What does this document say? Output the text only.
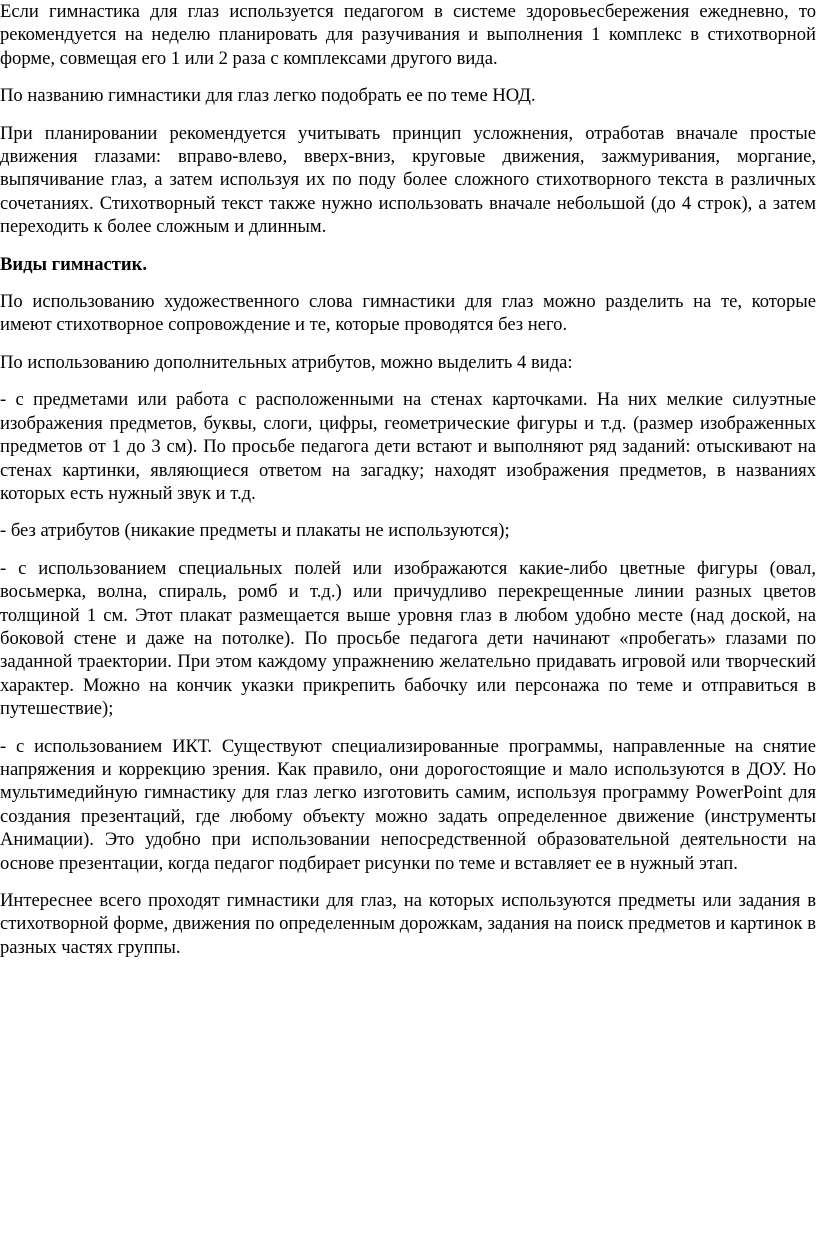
Если гимнастика для глаз используется педагогом в системе здоровьесбережения ежедневно, то рекомендуется на неделю планировать для разучивания и выполнения 1 комплекс в стихотворной форме, совмещая его 1 или 2 раза с комплексами другого вида.

По названию гимнастики для глаз легко подобрать ее по теме НОД.

При планировании рекомендуется учитывать принцип усложнения, отработав вначале простые движения глазами: вправо-влево, вверх-вниз, круговые движения, зажмуривания, моргание, выпячивание глаз, а затем используя их по поду более сложного стихотворного текста в различных сочетаниях. Стихотворный текст также нужно использовать вначале небольшой (до 4 строк), а затем переходить к более сложным и длинным.

Виды гимнастик.

По использованию художественного слова гимнастики для глаз можно разделить на те, которые имеют стихотворное сопровождение и те, которые проводятся без него.

По использованию дополнительных атрибутов, можно выделить 4 вида:

- с предметами или работа с расположенными на стенах карточками. На них мелкие силуэтные изображения предметов, буквы, слоги, цифры, геометрические фигуры и т.д. (размер изображенных предметов от 1 до 3 см). По просьбе педагога дети встают и выполняют ряд заданий: отыскивают на стенах картинки, являющиеся ответом на загадку; находят изображения предметов, в названиях которых есть нужный звук и т.д.

- без атрибутов (никакие предметы и плакаты не используются);

- с использованием специальных полей или изображаются какие-либо цветные фигуры (овал, восьмерка, волна, спираль, ромб и т.д.) или причудливо перекрещенные линии разных цветов толщиной 1 см. Этот плакат размещается выше уровня глаз в любом удобно месте (над доской, на боковой стене и даже на потолке). По просьбе педагога дети начинают «пробегать» глазами по заданной траектории. При этом каждому упражнению желательно придавать игровой или творческий характер. Можно на кончик указки прикрепить бабочку или персонажа по теме и отправиться в путешествие);

- с использованием ИКТ. Существуют специализированные программы, направленные на снятие напряжения и коррекцию зрения. Как правило, они дорогостоящие и мало используются в ДОУ. Но мультимедийную гимнастику для глаз легко изготовить самим, используя программу PowerPoint для создания презентаций, где любому объекту можно задать определенное движение (инструменты Анимации). Это удобно при использовании непосредственной образовательной деятельности на основе презентации, когда педагог подбирает рисунки по теме и вставляет ее в нужный этап.

Интереснее всего проходят гимнастики для глаз, на которых используются предметы или задания в стихотворной форме, движения по определенным дорожкам, задания на поиск предметов и картинок в разных частях группы.
